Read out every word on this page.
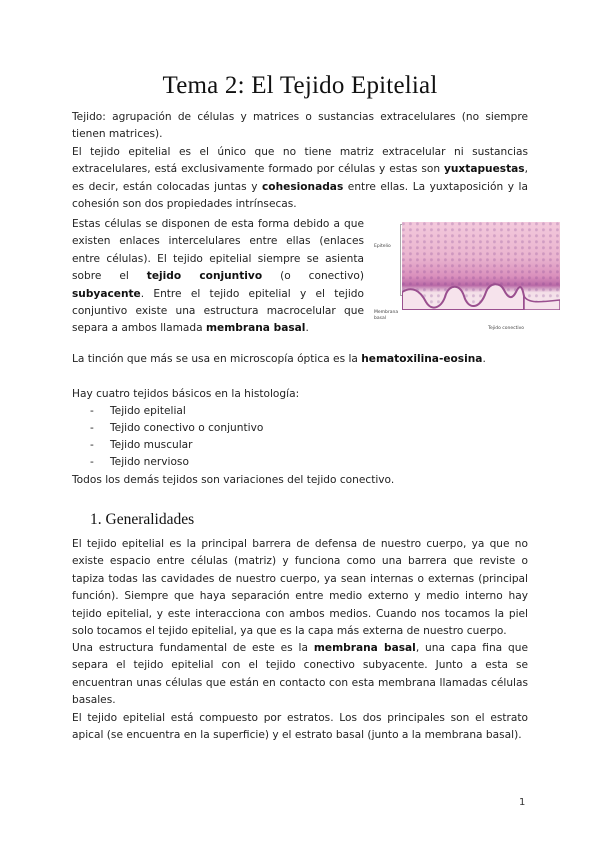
Tema 2: El Tejido Epitelial

Tejido: agrupación de células y matrices o sustancias extracelulares (no siempre tienen matrices).

El tejido epitelial es el único que no tiene matriz extracelular ni sustancias extracelulares, está exclusivamente formado por células y estas son yuxtapuestas, es decir, están colocadas juntas y cohesionadas entre ellas. La yuxtaposición y la cohesión son dos propiedades intrínsecas.

Estas células se disponen de esta forma debido a que existen enlaces intercelulares entre ellas (enlaces entre células). El tejido epitelial siempre se asienta sobre el tejido conjuntivo (o conectivo) subyacente. Entre el tejido epitelial y el tejido conjuntivo existe una estructura macrocelular que separa a ambos llamada membrana basal.

Epitelio
Membrana basal
Tejido conectivo

La tinción que más se usa en microscopía óptica es la hematoxilina-eosina.

Hay cuatro tejidos básicos en la histología:

- Tejido epitelial
- Tejido conectivo o conjuntivo
- Tejido muscular
- Tejido nervioso

Todos los demás tejidos son variaciones del tejido conectivo.

1. Generalidades

El tejido epitelial es la principal barrera de defensa de nuestro cuerpo, ya que no existe espacio entre células (matriz) y funciona como una barrera que reviste o tapiza todas las cavidades de nuestro cuerpo, ya sean internas o externas (principal función). Siempre que haya separación entre medio externo y medio interno hay tejido epitelial, y este interacciona con ambos medios. Cuando nos tocamos la piel solo tocamos el tejido epitelial, ya que es la capa más externa de nuestro cuerpo.

Una estructura fundamental de este es la membrana basal, una capa fina que separa el tejido epitelial con el tejido conectivo subyacente. Junto a esta se encuentran unas células que están en contacto con esta membrana llamadas células basales.

El tejido epitelial está compuesto por estratos. Los dos principales son el estrato apical (se encuentra en la superficie) y el estrato basal (junto a la membrana basal).

1
